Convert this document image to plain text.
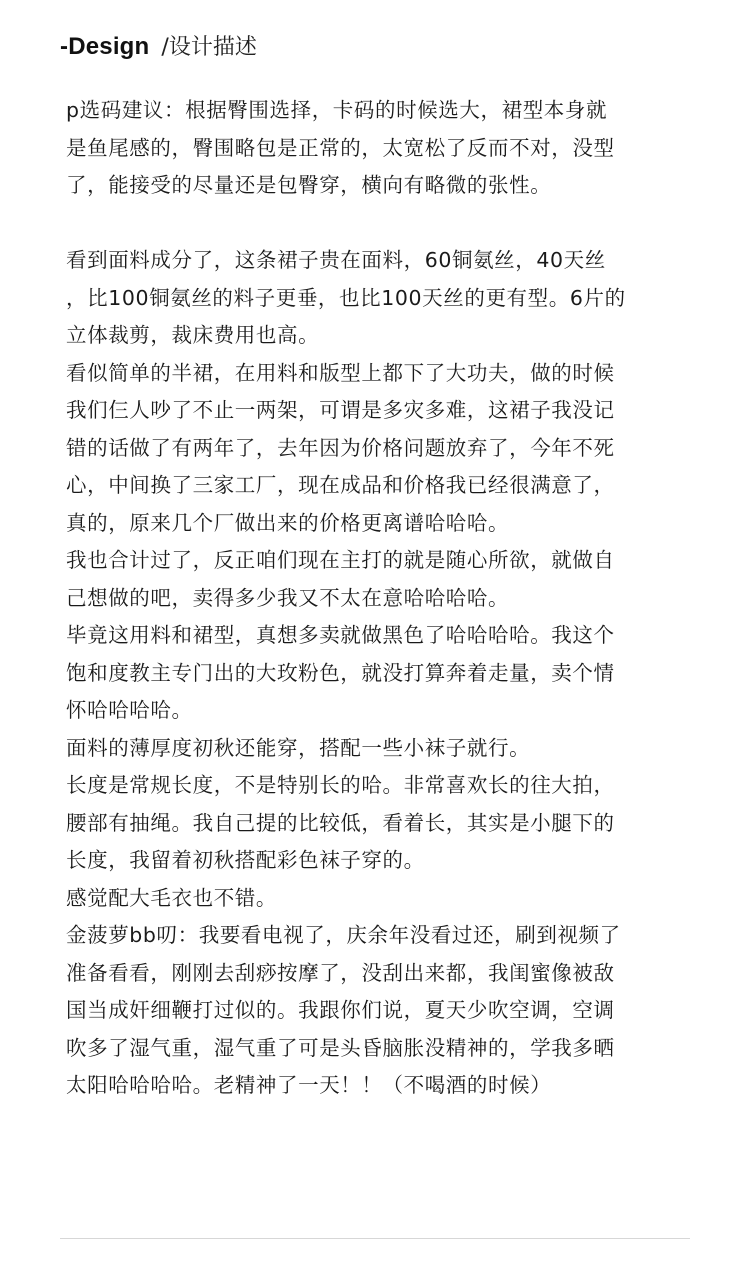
-Design /设计描述

p选码建议：根据臀围选择，卡码的时候选大，裙型本身就
是鱼尾感的，臀围略包是正常的，太宽松了反而不对，没型
了，能接受的尽量还是包臀穿，横向有略微的张性。

看到面料成分了，这条裙子贵在面料，60铜氨丝，40天丝
，比100铜氨丝的料子更垂，也比100天丝的更有型。6片的
立体裁剪，裁床费用也高。

看似简单的半裙，在用料和版型上都下了大功夫，做的时候
我们仨人吵了不止一两架，可谓是多灾多难，这裙子我没记
错的话做了有两年了，去年因为价格问题放弃了，今年不死
心，中间换了三家工厂，现在成品和价格我已经很满意了，
真的，原来几个厂做出来的价格更离谱哈哈哈。

我也合计过了，反正咱们现在主打的就是随心所欲，就做自
己想做的吧，卖得多少我又不太在意哈哈哈哈。

毕竟这用料和裙型，真想多卖就做黑色了哈哈哈哈。我这个
饱和度教主专门出的大玫粉色，就没打算奔着走量，卖个情
怀哈哈哈哈。

面料的薄厚度初秋还能穿，搭配一些小袜子就行。

长度是常规长度，不是特别长的哈。非常喜欢长的往大拍，
腰部有抽绳。我自己提的比较低，看着长，其实是小腿下的
长度，我留着初秋搭配彩色袜子穿的。

感觉配大毛衣也不错。

金菠萝bb叨：我要看电视了，庆余年没看过还，刷到视频了
准备看看，刚刚去刮痧按摩了，没刮出来都，我闺蜜像被敌
国当成奸细鞭打过似的。我跟你们说，夏天少吹空调，空调
吹多了湿气重，湿气重了可是头昏脑胀没精神的，学我多晒
太阳哈哈哈哈。老精神了一天！！（不喝酒的时候）
